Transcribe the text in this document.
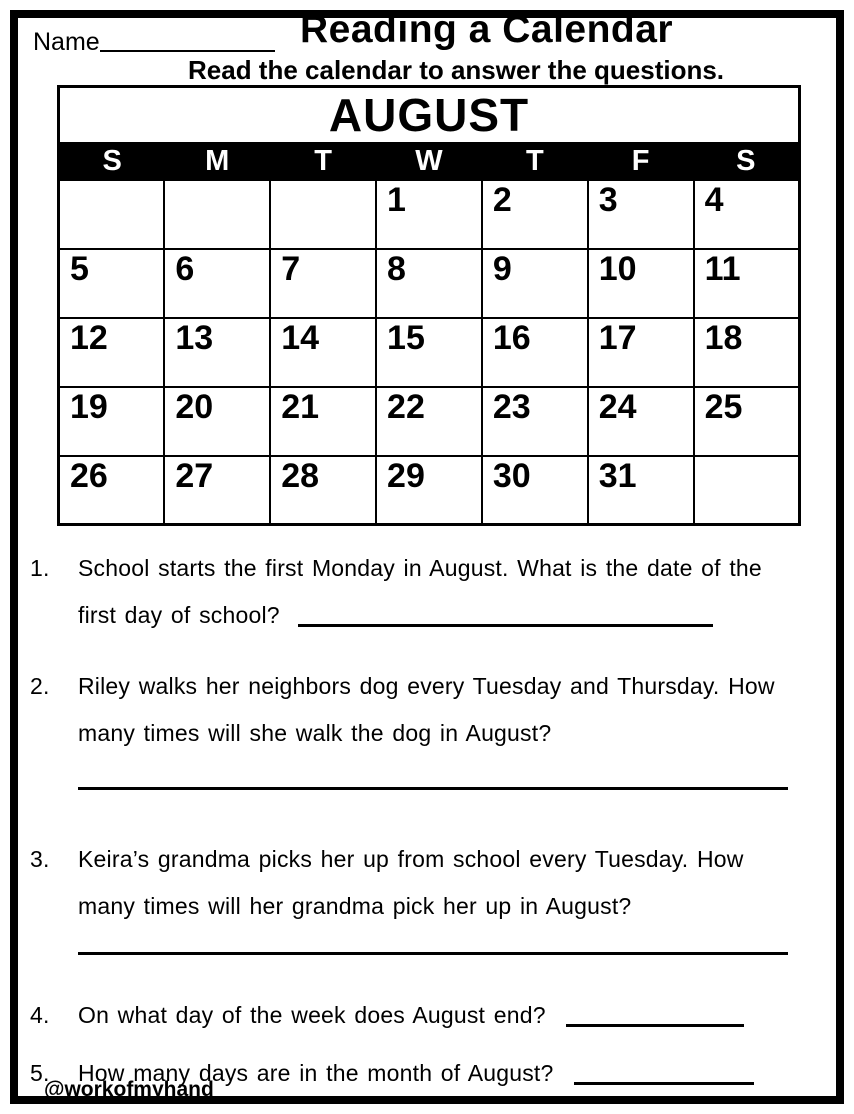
Name	Reading a Calendar
Read the calendar to answer the questions.
AUGUST						
S	M	T	W	T	F	S
			1	2	3	4
5	6	7	8	9	10	11
12	13	14	15	16	17	18
19	20	21	22	23	24	25
26	27	28	29	30	31	
1.	School starts the first Monday in August. What is the date of the first day of school?
2.	Riley walks her neighbors dog every Tuesday and Thursday. How many times will she walk the dog in August?
3.	Keira’s grandma picks her up from school every Tuesday. How many times will her grandma pick her up in August?
4.	On what day of the week does August end?
5.	How many days are in the month of August?
@workofmyhand
